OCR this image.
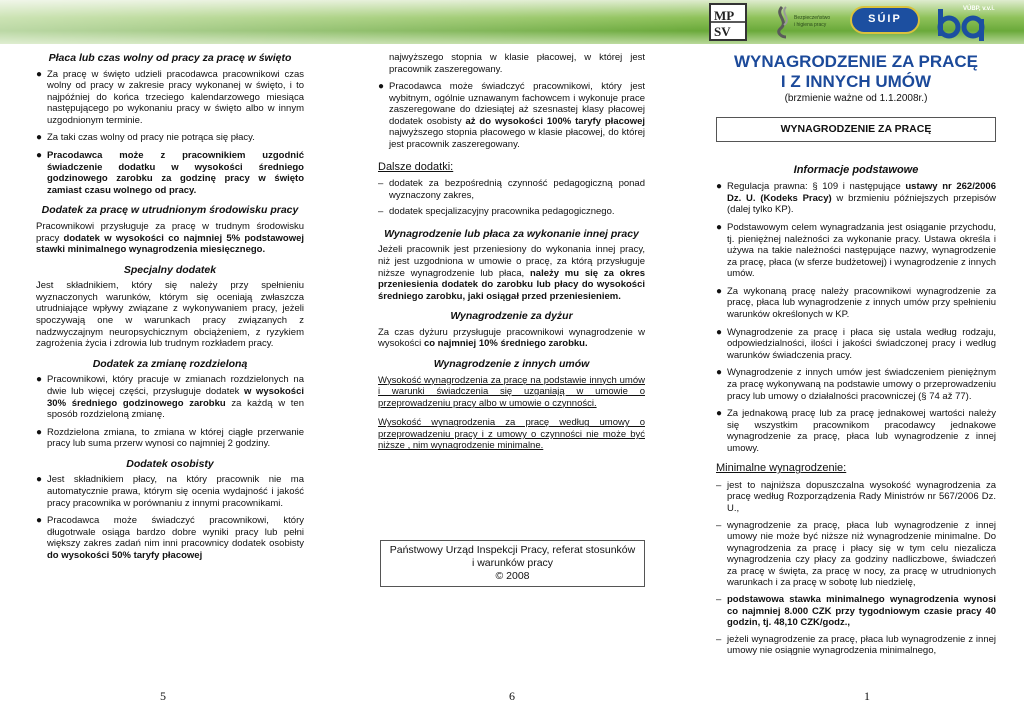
MP
SV
Bezpieczeństwo
i higiena pracy	SÚIP
VÚBP, v.v.i.
Płaca lub czas wolny od pracy za pracę w święto
● Za pracę w święto udzieli pracodawca pracownikowi czas wolny od pracy w zakresie pracy wykonanej w święto, i to najpóźniej do końca trzeciego kalendarzowego miesiąca następującego po wykonaniu pracy w święto albo w innym uzgodnionym terminie.
● Za taki czas wolny od pracy nie potrąca się płacy.
● Pracodawca może z pracownikiem uzgodnić świadczenie dodatku w wysokości średniego godzinowego zarobku za godzinę pracy w święto zamiast czasu wolnego od pracy.
Dodatek za pracę w utrudnionym środowisku pracy

Pracownikowi przysługuje za pracę w trudnym środowisku pracy dodatek w wysokości co najmniej 5% podstawowej stawki minimalnego wynagrodzenia miesięcznego.

Specjalny dodatek

Jest składnikiem, który się należy przy spełnieniu wyznaczonych warunków, którym się oceniają zwłaszcza utrudniające wpływy związane z wykonywaniem pracy, jeżeli spoczywają one w warunkach pracy związanych z nadzwyczajnym neuropsychicznym obciążeniem, z ryzykiem zagrożenia życia i zdrowia lub trudnym rozkładem pracy.

Dodatek za zmianę rozdzieloną
● Pracownikowi, który pracuje w zmianach rozdzielonych na dwie lub więcej części, przysługuje dodatek w wysokości 30% średniego godzinowego zarobku za każdą w ten sposób rozdzieloną zmianę.
● Rozdzielona zmiana, to zmiana w której ciągłe przerwanie pracy lub suma przerw wynosi co najmniej 2 godziny.
Dodatek osobisty
● Jest składnikiem płacy, na który pracownik nie ma automatycznie prawa, którym się ocenia wydajność i jakość pracy pracownika w porównaniu z innymi pracownikami.
● Pracodawca może świadczyć pracownikowi, który długotrwale osiąga bardzo dobre wyniki pracy lub pełni większy zakres zadań nim inni pracownicy dodatek osobisty do wysokości 50% taryfy płacowej

najwyższego stopnia w klasie płacowej, w której jest pracownik zaszeregowany.

● Pracodawca może świadczyć pracownikowi, który jest wybitnym, ogólnie uznawanym fachowcem i wykonuje prace zaszeregowane do dziesiątej aż szesnastej klasy płacowej dodatek osobisty aż do wysokości 100% taryfy płacowej najwyższego stopnia płacowego w klasie płacowej, do której jest pracownik zaszeregowany.
Dalsze dodatki:
– dodatek za bezpośrednią czynność pedagogiczną ponad wyznaczony zakres,
– dodatek specjalizacyjny pracownika pedagogicznego.
Wynagrodzenie lub płaca za wykonanie innej pracy

Jeżeli pracownik jest przeniesiony do wykonania innej pracy, niż jest uzgodniona w umowie o pracę, za którą przysługuje niższe wynagrodzenie lub płaca, należy mu się za okres przeniesienia dodatek do zarobku lub płacy do wysokości średniego zarobku, jaki osiągał przed przeniesieniem.

Wynagrodzenie za dyżur

Za czas dyżuru przysługuje pracownikowi wynagrodzenie w wysokości co najmniej 10% średniego zarobku.

Wynagrodzenie z innych umów

Wysokość wynagrodzenia za pracę na podstawie innych umów i warunki świadczenia się uzganiają w umowie o przeprowadzeniu pracy albo w umowie o czynności.

Wysokość wynagrodzenia za pracę według umowy o przeprowadzeniu pracy i z umowy o czynności nie może być niższe , nim wynagrodzenie minimalne.

Państwowy Urząd Inspekcji Pracy, referat stosunków
i warunków pracy
© 2008
WYNAGRODZENIE ZA PRACĘ
I Z INNYCH UMÓW
(brzmienie ważne od 1.1.2008r.)
WYNAGRODZENIE ZA PRACĘ
Informacje podstawowe
● Regulacja prawna: § 109 i następujące ustawy nr 262/2006 Dz. U. (Kodeks Pracy) w brzmieniu późniejszych przepisów (dalej tylko KP).
● Podstawowym celem wynagradzania jest osiąganie przychodu, tj. pieniężnej należności za wykonanie pracy. Ustawa określa i używa na takie należności następujące nazwy, wynagrodzenie za pracę, płaca (w sferze budżetowej) i wynagrodzenie z innych umów.
● Za wykonaną pracę należy pracownikowi wynagrodzenie za pracę, płaca lub wynagrodzenie z innych umów przy spełnieniu warunków określonych w KP.
● Wynagrodzenie za pracę i płaca się ustala według rodzaju, odpowiedzialności, ilości i jakości świadczonej pracy i według warunków świadczenia pracy.
● Wynagrodzenie z innych umów jest świadczeniem pieniężnym za pracę wykonywaną na podstawie umowy o przeprowadzeniu pracy lub umowy o działalności pracowniczej (§ 74 až 77).
● Za jednakową pracę lub za pracę jednakowej wartości należy się wszystkim pracownikom pracodawcy jednakowe wynagrodzenie za pracę, płaca lub wynagrodzenie z innej umowy.
Minimalne wynagrodzenie:
– jest to najniższa dopuszczalna wysokość wynagrodzenia za pracę według Rozporządzenia Rady Ministrów nr 567/2006 Dz. U.,
– wynagrodzenie za pracę, płaca lub wynagrodzenie z innej umowy nie może być niższe niż wynagrodzenie minimalne. Do wynagrodzenia za pracę i płacy się w tym celu niezalicza wynagrodzenia czy płacy za godziny nadliczbowe, świadczeń za pracę w święta, za pracę w nocy, za pracę w utrudnionych warunkach i za pracę w sobotę lub niedzielę,
– podstawowa stawka minimalnego wynagrodzenia wynosi co najmniej 8.000 CZK przy tygodniowym czasie pracy 40 godzin, tj. 48,10 CZK/godz.,
– jeżeli wynagrodzenie za pracę, płaca lub wynagrodzenie z innej umowy nie osiągnie wynagrodzenia minimalnego,
5	6	1
